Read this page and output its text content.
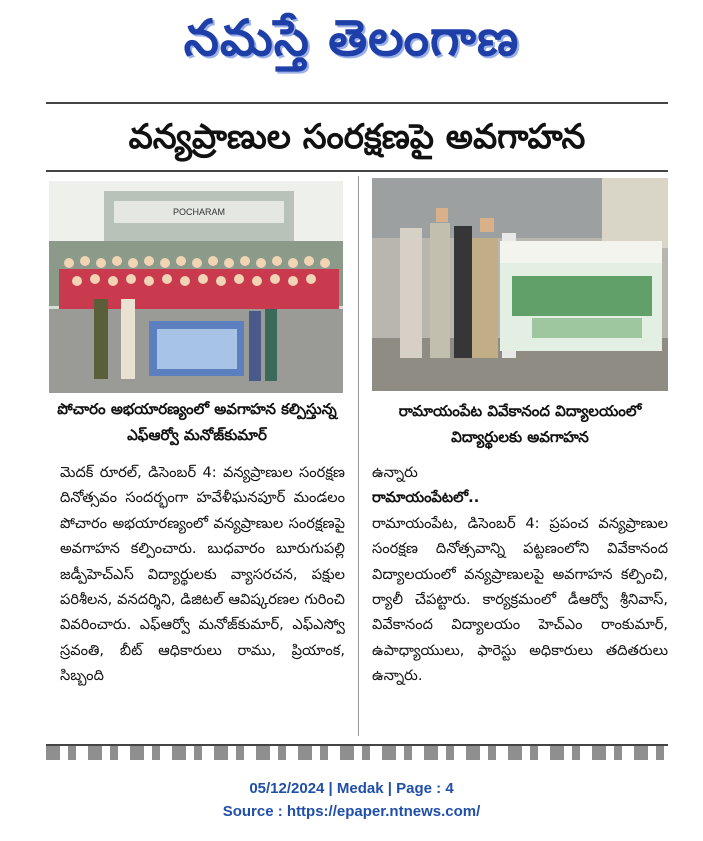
నమస్తే తెలంగాణ
వన్యప్రాణుల సంరక్షణపై అవగాహన
POCHARAM
పోచారం అభయారణ్యంలో అవగాహన కల్పిస్తున్న ఎఫ్ఆర్వో మనోజ్‌కుమార్
రామాయంపేట వివేకానంద విద్యాలయంలో విద్యార్థులకు అవగాహన
మెదక్ రూరల్, డిసెంబర్ 4: వన్యప్రాణుల సంరక్షణ దినోత్సవం సందర్భంగా హవేళీఘనపూర్ మండలం పోచారం అభయారణ్యంలో వన్యప్రాణుల సంరక్షణపై అవగాహన కల్పించారు. బుధవారం బూరుగుపల్లి జడ్పీహెచ్ఎస్ విద్యార్థులకు వ్యాసరచన, పక్షుల పరిశీలన, వనదర్శిని, డిజిటల్ ఆవిష్కరణల గురించి వివరించారు. ఎఫ్ఆర్వో మనోజ్‌కుమార్, ఎఫ్ఎస్వో స్రవంతి, బీట్ ఆధికారులు రాము, ప్రియాంక, సిబ్బంది
ఉన్నారు
రామాయంపేటలో..
రామాయంపేట, డిసెంబర్ 4: ప్రపంచ వన్యప్రాణుల సంరక్షణ దినోత్సవాన్ని పట్టణంలోని వివేకానంద విద్యాలయంలో వన్యప్రాణులపై అవగాహన కల్పించి, ర్యాలీ చేపట్టారు. కార్యక్రమంలో డీఆర్వో శ్రీనివాస్, వివేకానంద విద్యాలయం హెచ్ఎం రాంకుమార్, ఉపాధ్యాయులు, ఫారెస్టు అధికారులు తదితరులు ఉన్నారు.
05/12/2024 | Medak | Page : 4
Source : https://epaper.ntnews.com/
